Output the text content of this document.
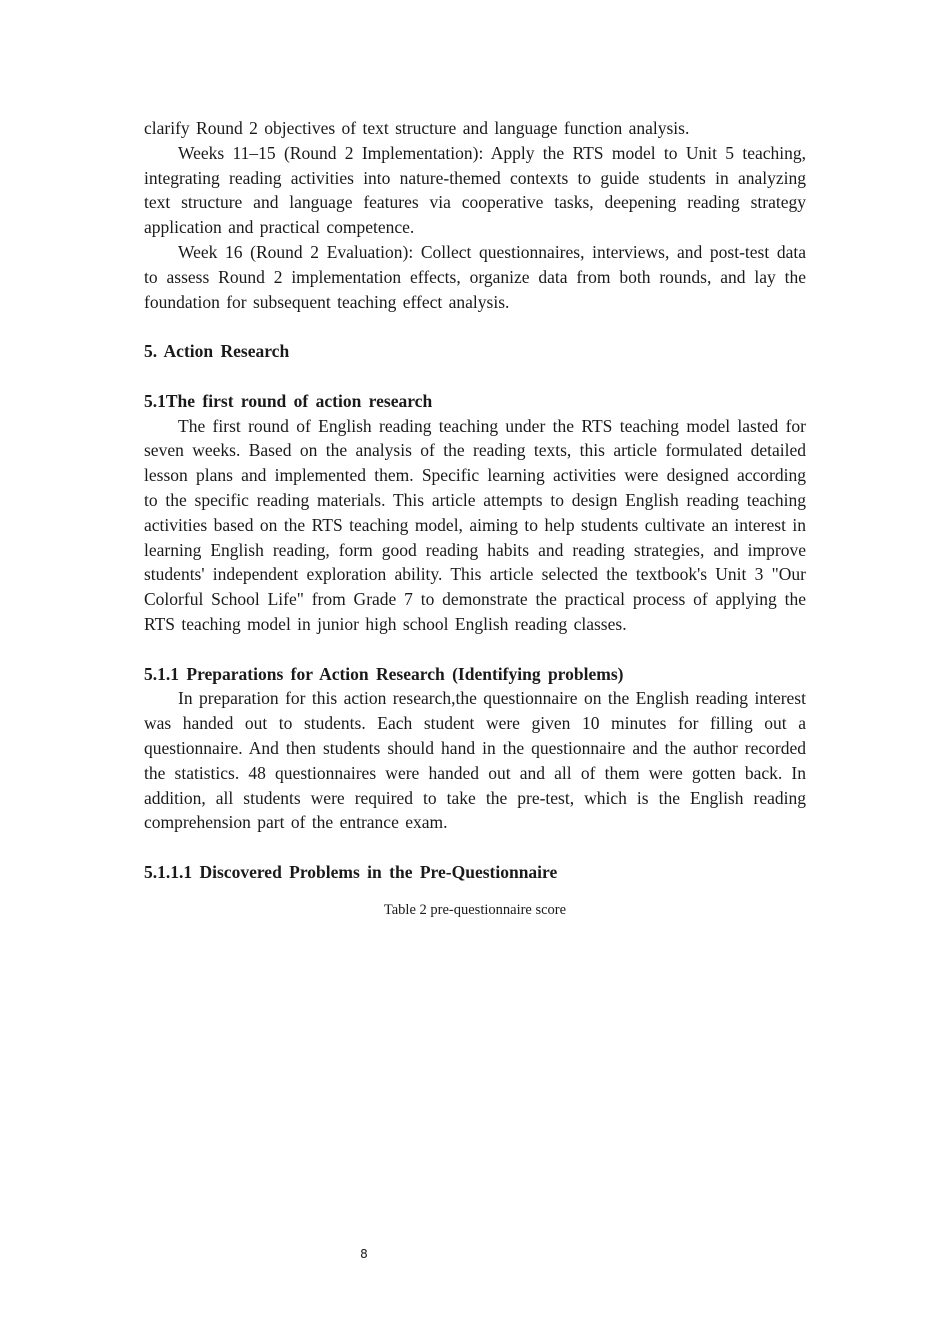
clarify Round 2 objectives of text structure and language function analysis.

Weeks 11–15 (Round 2 Implementation): Apply the RTS model to Unit 5 teaching, integrating reading activities into nature-themed contexts to guide students in analyzing text structure and language features via cooperative tasks, deepening reading strategy application and practical competence.

Week 16 (Round 2 Evaluation): Collect questionnaires, interviews, and post-test data to assess Round 2 implementation effects, organize data from both rounds, and lay the foundation for subsequent teaching effect analysis.

5. Action Research
5.1The first round of action research

The first round of English reading teaching under the RTS teaching model lasted for seven weeks. Based on the analysis of the reading texts, this article formulated detailed lesson plans and implemented them. Specific learning activities were designed according to the specific reading materials. This article attempts to design English reading teaching activities based on the RTS teaching model, aiming to help students cultivate an interest in learning English reading, form good reading habits and reading strategies, and improve students' independent exploration ability. This article selected the textbook's Unit 3 "Our Colorful School Life" from Grade 7 to demonstrate the practical process of applying the RTS teaching model in junior high school English reading classes.

5.1.1 Preparations for Action Research (Identifying problems)

In preparation for this action research,the questionnaire on the English reading interest was handed out to students. Each student were given 10 minutes for filling out a questionnaire. And then students should hand in the questionnaire and the author recorded the statistics. 48 questionnaires were handed out and all of them were gotten back. In addition, all students were required to take the pre-test, which is the English reading comprehension part of the entrance exam.

5.1.1.1 Discovered Problems in the Pre-Questionnaire

Table 2 pre-questionnaire score

8
